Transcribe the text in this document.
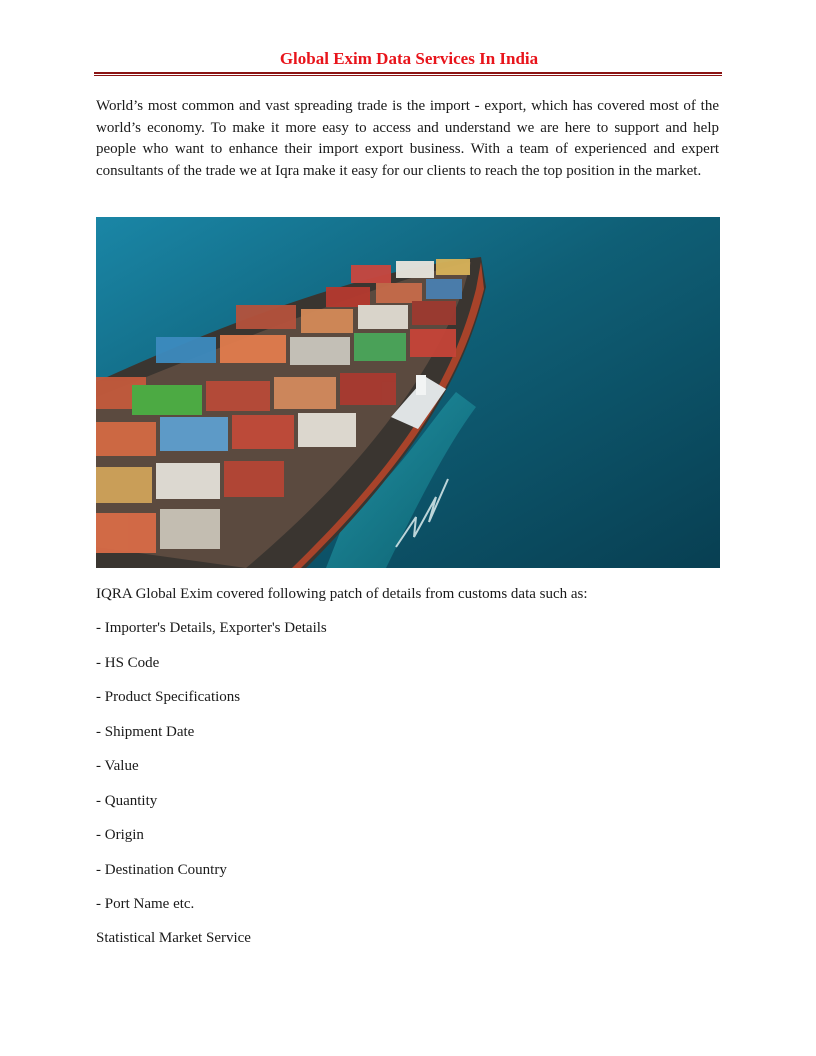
Global Exim Data Services In India

World’s most common and vast spreading trade is the import - export, which has covered most of the world’s economy. To make it more easy to access and understand we are here to support and help people who want to enhance their import export business. With a team of experienced and expert consultants of the trade we at Iqra make it easy for our clients to reach the top position in the market.

IQRA Global Exim covered following patch of details from customs data such as:

- Importer's Details, Exporter's Details
- HS Code
- Product Specifications
- Shipment Date
- Value
- Quantity
- Origin
- Destination Country
- Port Name etc.

Statistical Market Service
